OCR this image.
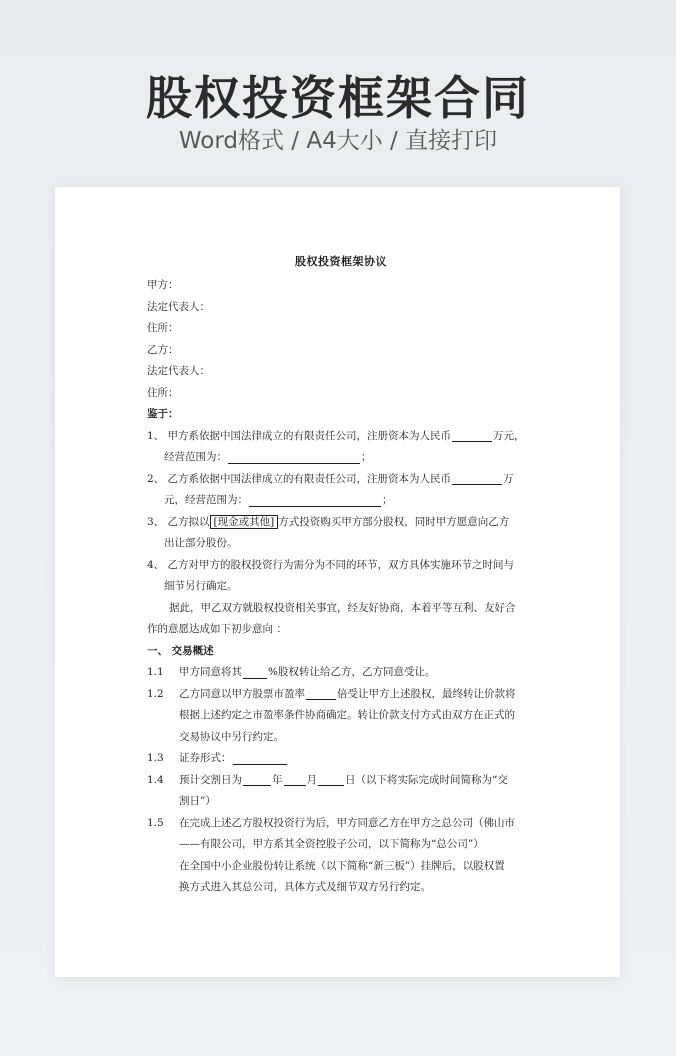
股权投资框架合同
Word格式 / A4大小 / 直接打印
股权投资框架协议
甲方：
法定代表人：
住所：
乙方：
法定代表人：
住所：
鉴于：
1、 甲方系依据中国法律成立的有限责任公司，注册资本为人民币	万元，
经营范围为：	；
2、 乙方系依据中国法律成立的有限责任公司，注册资本为人民币	万
元，经营范围为：	；
3、 乙方拟以 [现金或其他] 方式投资购买甲方部分股权，同时甲方愿意向乙方
出让部分股份。
4、 乙方对甲方的股权投资行为需分为不同的环节，双方具体实施环节之时间与
细节另行确定。
据此，甲乙双方就股权投资相关事宜，经友好协商，本着平等互利、友好合
作的意愿达成如下初步意向 ：
一、 交易概述
1.1	甲方同意将其 %股权转让给乙方，乙方同意受让。
1.2	乙方同意以甲方股票市盈率	倍受让甲方上述股权，最终转让价款将
根据上述约定之市盈率条件协商确定。转让价款支付方式由双方在正式的
交易协议中另行约定。
1.3	证券形式：
1.4	预计交割日为	年 月	日（以下将实际完成时间简称为“交
割日”）
1.5	在完成上述乙方股权投资行为后，甲方同意乙方在甲方之总公司（佛山市
——有限公司，甲方系其全资控股子公司，以下简称为“总公司”）
在全国中小企业股份转让系统（以下简称“新三板”）挂牌后，以股权置
换方式进入其总公司，具体方式及细节双方另行约定。
